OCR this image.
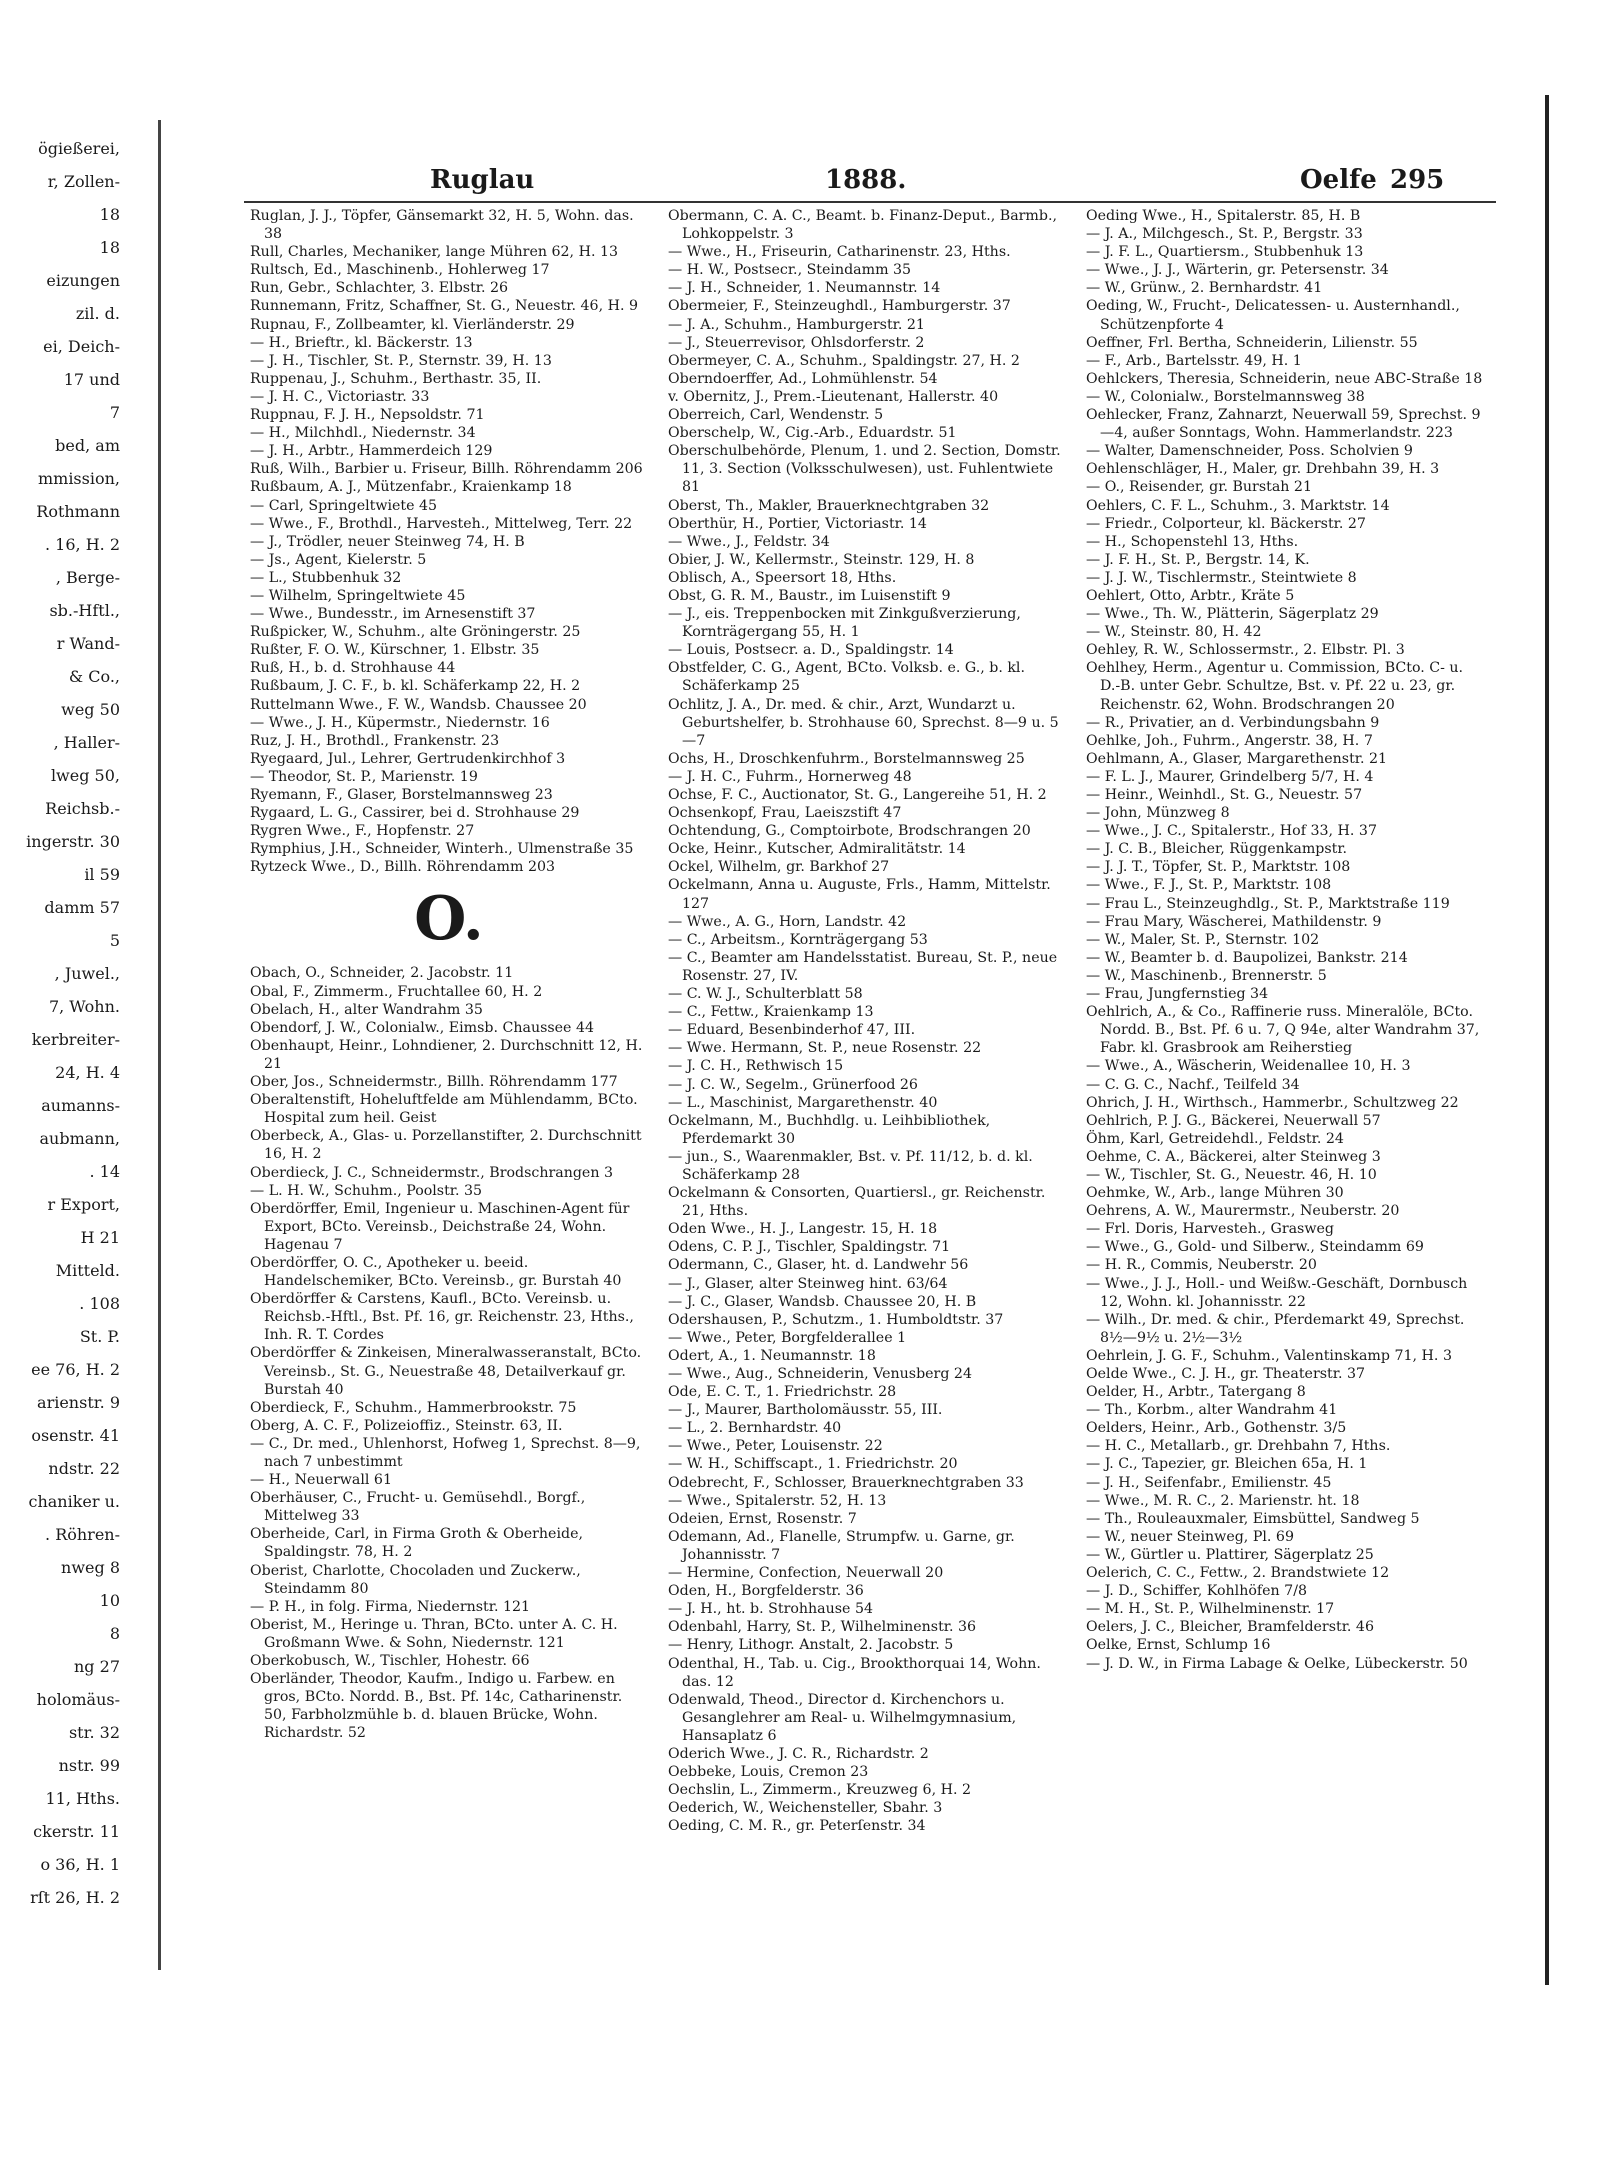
ögießerei,
r, Zollen-
18
18
eizungen
zil. d.
ei, Deich-
17 und
7
bed, am
mmission,
Rothmann
. 16, H. 2
, Berge-
sb.-Hftl.,
r Wand-
& Co.,
weg 50
, Haller-
lweg 50,
Reichsb.-
ingerstr. 30
il 59
damm 57
5
, Juwel.,
7, Wohn.
kerbreiter-
24, H. 4
aumanns-
aubmann,
. 14
r Export,
H 21
Mitteld.
. 108
St. P.
ee 76, H. 2
arienstr. 9
osenstr. 41
ndstr. 22
chaniker u.
. Röhren-
nweg 8
10
8
ng 27
holomäus-
str. 32
nstr. 99
11, Hths.
ckerstr. 11
o 36, H. 1
rſt 26, H. 2
Ruglau	1888.	Oelfe 295

Ruglan, J. J., Töpfer, Gänsemarkt 32, H. 5, Wohn. das. 38

Rull, Charles, Mechaniker, lange Mühren 62, H. 13

Rultsch, Ed., Maschinenb., Hohlerweg 17

Run, Gebr., Schlachter, 3. Elbstr. 26

Runnemann, Fritz, Schaffner, St. G., Neuestr. 46, H. 9

Rupnau, F., Zollbeamter, kl. Vierländerstr. 29

— H., Brieftr., kl. Bäckerstr. 13

— J. H., Tischler, St. P., Sternstr. 39, H. 13

Ruppenau, J., Schuhm., Berthastr. 35, II.

— J. H. C., Victoriastr. 33

Ruppnau, F. J. H., Nepsoldstr. 71

— H., Milchhdl., Niedernstr. 34

— J. H., Arbtr., Hammerdeich 129

Ruß, Wilh., Barbier u. Friseur, Billh. Röhrendamm 206

Rußbaum, A. J., Mützenfabr., Kraienkamp 18

— Carl, Springeltwiete 45

— Wwe., F., Brothdl., Harvesteh., Mittelweg, Terr. 22

— J., Trödler, neuer Steinweg 74, H. B

— Js., Agent, Kielerstr. 5

— L., Stubbenhuk 32

— Wilhelm, Springeltwiete 45

— Wwe., Bundesstr., im Arnesenstift 37

Rußpicker, W., Schuhm., alte Gröningerstr. 25

Rußter, F. O. W., Kürschner, 1. Elbstr. 35

Ruß, H., b. d. Strohhause 44

Rußbaum, J. C. F., b. kl. Schäferkamp 22, H. 2

Ruttelmann Wwe., F. W., Wandsb. Chaussee 20

— Wwe., J. H., Küpermstr., Niedernstr. 16

Ruz, J. H., Brothdl., Frankenstr. 23

Ryegaard, Jul., Lehrer, Gertrudenkirchhof 3

— Theodor, St. P., Marienstr. 19

Ryemann, F., Glaser, Borstelmannsweg 23

Rygaard, L. G., Cassirer, bei d. Strohhause 29

Rygren Wwe., F., Hopfenstr. 27

Rymphius, J.H., Schneider, Winterh., Ulmenstraße 35

Rytzeck Wwe., D., Billh. Röhrendamm 203

O.

Obach, O., Schneider, 2. Jacobstr. 11

Obal, F., Zimmerm., Fruchtallee 60, H. 2

Obelach, H., alter Wandrahm 35

Obendorf, J. W., Colonialw., Eimsb. Chaussee 44

Obenhaupt, Heinr., Lohndiener, 2. Durchschnitt 12, H. 21

Ober, Jos., Schneidermstr., Billh. Röhrendamm 177

Oberaltenstift, Hoheluftfelde am Mühlendamm, BCto. Hospital zum heil. Geist

Oberbeck, A., Glas- u. Porzellanstifter, 2. Durchschnitt 16, H. 2

Oberdieck, J. C., Schneidermstr., Brodschrangen 3

— L. H. W., Schuhm., Poolstr. 35

Oberdörffer, Emil, Ingenieur u. Maschinen-Agent für Export, BCto. Vereinsb., Deichstraße 24, Wohn. Hagenau 7

Oberdörffer, O. C., Apotheker u. beeid. Handelschemiker, BCto. Vereinsb., gr. Burstah 40

Oberdörffer & Carstens, Kaufl., BCto. Vereinsb. u. Reichsb.-Hftl., Bst. Pf. 16, gr. Reichenstr. 23, Hths., Inh. R. T. Cordes

Oberdörffer & Zinkeisen, Mineralwasseranstalt, BCto. Vereinsb., St. G., Neuestraße 48, Detailverkauf gr. Burstah 40

Oberdieck, F., Schuhm., Hammerbrookstr. 75

Oberg, A. C. F., Polizeioffiz., Steinstr. 63, II.

— C., Dr. med., Uhlenhorst, Hofweg 1, Sprechst. 8—9, nach 7 unbestimmt

— H., Neuerwall 61

Oberhäuser, C., Frucht- u. Gemüsehdl., Borgf., Mittelweg 33

Oberheide, Carl, in Firma Groth & Oberheide, Spaldingstr. 78, H. 2

Oberist, Charlotte, Chocoladen und Zuckerw., Steindamm 80

— P. H., in folg. Firma, Niedernstr. 121

Oberist, M., Heringe u. Thran, BCto. unter A. C. H. Großmann Wwe. & Sohn, Niedernstr. 121

Oberkobusch, W., Tischler, Hohestr. 66

Oberländer, Theodor, Kaufm., Indigo u. Farbew. en gros, BCto. Nordd. B., Bst. Pf. 14c, Catharinenstr. 50, Farbholzmühle b. d. blauen Brücke, Wohn. Richardstr. 52

Obermann, C. A. C., Beamt. b. Finanz-Deput., Barmb., Lohkoppelstr. 3

— Wwe., H., Friseurin, Catharinenstr. 23, Hths.

— H. W., Postsecr., Steindamm 35

— J. H., Schneider, 1. Neumannstr. 14

Obermeier, F., Steinzeughdl., Hamburgerstr. 37

— J. A., Schuhm., Hamburgerstr. 21

— J., Steuerrevisor, Ohlsdorferstr. 2

Obermeyer, C. A., Schuhm., Spaldingstr. 27, H. 2

Oberndoerffer, Ad., Lohmühlenstr. 54

v. Obernitz, J., Prem.-Lieutenant, Hallerstr. 40

Oberreich, Carl, Wendenstr. 5

Oberschelp, W., Cig.-Arb., Eduardstr. 51

Oberschulbehörde, Plenum, 1. und 2. Section, Domstr. 11, 3. Section (Volksschulwesen), ust. Fuhlentwiete 81

Oberst, Th., Makler, Brauerknechtgraben 32

Oberthür, H., Portier, Victoriastr. 14

— Wwe., J., Feldstr. 34

Obier, J. W., Kellermstr., Steinstr. 129, H. 8

Oblisch, A., Speersort 18, Hths.

Obst, G. R. M., Baustr., im Luisenstift 9

— J., eis. Treppenbocken mit Zinkgußverzierung, Kornträgergang 55, H. 1

— Louis, Postsecr. a. D., Spaldingstr. 14

Obstfelder, C. G., Agent, BCto. Volksb. e. G., b. kl. Schäferkamp 25

Ochlitz, J. A., Dr. med. & chir., Arzt, Wundarzt u. Geburtshelfer, b. Strohhause 60, Sprechst. 8—9 u. 5—7

Ochs, H., Droschkenfuhrm., Borstelmannsweg 25

— J. H. C., Fuhrm., Hornerweg 48

Ochse, F. C., Auctionator, St. G., Langereihe 51, H. 2

Ochsenkopf, Frau, Laeiszstift 47

Ochtendung, G., Comptoirbote, Brodschrangen 20

Ocke, Heinr., Kutscher, Admiralitätstr. 14

Ockel, Wilhelm, gr. Barkhof 27

Ockelmann, Anna u. Auguste, Frls., Hamm, Mittelstr. 127

— Wwe., A. G., Horn, Landstr. 42

— C., Arbeitsm., Kornträgergang 53

— C., Beamter am Handelsstatist. Bureau, St. P., neue Rosenstr. 27, IV.

— C. W. J., Schulterblatt 58

— C., Fettw., Kraienkamp 13

— Eduard, Besenbinderhof 47, III.

— Wwe. Hermann, St. P., neue Rosenstr. 22

— J. C. H., Rethwisch 15

— J. C. W., Segelm., Grünerfood 26

— L., Maschinist, Margarethenstr. 40

Ockelmann, M., Buchhdlg. u. Leihbibliothek, Pferdemarkt 30

— jun., S., Waarenmakler, Bst. v. Pf. 11/12, b. d. kl. Schäferkamp 28

Ockelmann & Consorten, Quartiersl., gr. Reichenstr. 21, Hths.

Oden Wwe., H. J., Langestr. 15, H. 18

Odens, C. P. J., Tischler, Spaldingstr. 71

Odermann, C., Glaser, ht. d. Landwehr 56

— J., Glaser, alter Steinweg hint. 63/64

— J. C., Glaser, Wandsb. Chaussee 20, H. B

Odershausen, P., Schutzm., 1. Humboldtstr. 37

— Wwe., Peter, Borgfelderallee 1

Odert, A., 1. Neumannstr. 18

— Wwe., Aug., Schneiderin, Venusberg 24

Ode, E. C. T., 1. Friedrichstr. 28

— J., Maurer, Bartholomäusstr. 55, III.

— L., 2. Bernhardstr. 40

— Wwe., Peter, Louisenstr. 22

— W. H., Schiffscapt., 1. Friedrichstr. 20

Odebrecht, F., Schlosser, Brauerknechtgraben 33

— Wwe., Spitalerstr. 52, H. 13

Odeien, Ernst, Rosenstr. 7

Odemann, Ad., Flanelle, Strumpfw. u. Garne, gr. Johannisstr. 7

— Hermine, Confection, Neuerwall 20

Oden, H., Borgfelderstr. 36

— J. H., ht. b. Strohhause 54

Odenbahl, Harry, St. P., Wilhelminenstr. 36

— Henry, Lithogr. Anstalt, 2. Jacobstr. 5

Odenthal, H., Tab. u. Cig., Brookthorquai 14, Wohn. das. 12

Odenwald, Theod., Director d. Kirchenchors u. Gesanglehrer am Real- u. Wilhelmgymnasium, Hansaplatz 6

Oderich Wwe., J. C. R., Richardstr. 2

Oebbeke, Louis, Cremon 23

Oechslin, L., Zimmerm., Kreuzweg 6, H. 2

Oederich, W., Weichensteller, Sbahr. 3

Oeding, C. M. R., gr. Peterſenstr. 34

Oeding Wwe., H., Spitalerstr. 85, H. B

— J. A., Milchgesch., St. P., Bergstr. 33

— J. F. L., Quartiersm., Stubbenhuk 13

— Wwe., J. J., Wärterin, gr. Petersenstr. 34

— W., Grünw., 2. Bernhardstr. 41

Oeding, W., Frucht-, Delicatessen- u. Austernhandl., Schützenpforte 4

Oeffner, Frl. Bertha, Schneiderin, Lilienstr. 55

— F., Arb., Bartelsstr. 49, H. 1

Oehlckers, Theresia, Schneiderin, neue ABC-Straße 18

— W., Colonialw., Borstelmannsweg 38

Oehlecker, Franz, Zahnarzt, Neuerwall 59, Sprechst. 9—4, außer Sonntags, Wohn. Hammerlandstr. 223

— Walter, Damenschneider, Poss. Scholvien 9

Oehlenschläger, H., Maler, gr. Drehbahn 39, H. 3

— O., Reisender, gr. Burstah 21

Oehlers, C. F. L., Schuhm., 3. Marktstr. 14

— Friedr., Colporteur, kl. Bäckerstr. 27

— H., Schopenstehl 13, Hths.

— J. F. H., St. P., Bergstr. 14, K.

— J. J. W., Tischlermstr., Steintwiete 8

Oehlert, Otto, Arbtr., Kräte 5

— Wwe., Th. W., Plätterin, Sägerplatz 29

— W., Steinstr. 80, H. 42

Oehley, R. W., Schlossermstr., 2. Elbstr. Pl. 3

Oehlhey, Herm., Agentur u. Commission, BCto. C- u. D.-B. unter Gebr. Schultze, Bst. v. Pf. 22 u. 23, gr. Reichenstr. 62, Wohn. Brodschrangen 20

— R., Privatier, an d. Verbindungsbahn 9

Oehlke, Joh., Fuhrm., Angerstr. 38, H. 7

Oehlmann, A., Glaser, Margarethenstr. 21

— F. L. J., Maurer, Grindelberg 5/7, H. 4

— Heinr., Weinhdl., St. G., Neuestr. 57

— John, Münzweg 8

— Wwe., J. C., Spitalerstr., Hof 33, H. 37

— J. C. B., Bleicher, Rüggenkampstr.

— J. J. T., Töpfer, St. P., Marktstr. 108

— Wwe., F. J., St. P., Marktstr. 108

— Frau L., Steinzeughdlg., St. P., Marktstraße 119

— Frau Mary, Wäscherei, Mathildenstr. 9

— W., Maler, St. P., Sternstr. 102

— W., Beamter b. d. Baupolizei, Bankstr. 214

— W., Maschinenb., Brennerstr. 5

— Frau, Jungfernstieg 34

Oehlrich, A., & Co., Raffinerie russ. Mineralöle, BCto. Nordd. B., Bst. Pf. 6 u. 7, Q 94e, alter Wandrahm 37, Fabr. kl. Grasbrook am Reiherstieg

— Wwe., A., Wäscherin, Weidenallee 10, H. 3

— C. G. C., Nachf., Teilfeld 34

Ohrich, J. H., Wirthsch., Hammerbr., Schultzweg 22

Oehlrich, P. J. G., Bäckerei, Neuerwall 57

Öhm, Karl, Getreidehdl., Feldstr. 24

Oehme, C. A., Bäckerei, alter Steinweg 3

— W., Tischler, St. G., Neuestr. 46, H. 10

Oehmke, W., Arb., lange Mühren 30

Oehrens, A. W., Maurermstr., Neuberstr. 20

— Frl. Doris, Harvesteh., Grasweg

— Wwe., G., Gold- und Silberw., Steindamm 69

— H. R., Commis, Neuberstr. 20

— Wwe., J. J., Holl.- und Weißw.-Geschäft, Dornbusch 12, Wohn. kl. Johannisstr. 22

— Wilh., Dr. med. & chir., Pferdemarkt 49, Sprechst. 8½—9½ u. 2½—3½

Oehrlein, J. G. F., Schuhm., Valentinskamp 71, H. 3

Oelde Wwe., C. J. H., gr. Theaterstr. 37

Oelder, H., Arbtr., Tatergang 8

— Th., Korbm., alter Wandrahm 41

Oelders, Heinr., Arb., Gothenstr. 3/5

— H. C., Metallarb., gr. Drehbahn 7, Hths.

— J. C., Tapezier, gr. Bleichen 65a, H. 1

— J. H., Seifenfabr., Emilienstr. 45

— Wwe., M. R. C., 2. Marienstr. ht. 18

— Th., Rouleauxmaler, Eimsbüttel, Sandweg 5

— W., neuer Steinweg, Pl. 69

— W., Gürtler u. Plattirer, Sägerplatz 25

Oelerich, C. C., Fettw., 2. Brandstwiete 12

— J. D., Schiffer, Kohlhöfen 7/8

— M. H., St. P., Wilhelminenstr. 17

Oelers, J. C., Bleicher, Bramfelderstr. 46

Oelke, Ernst, Schlump 16

— J. D. W., in Firma Labage & Oelke, Lübeckerstr. 50
